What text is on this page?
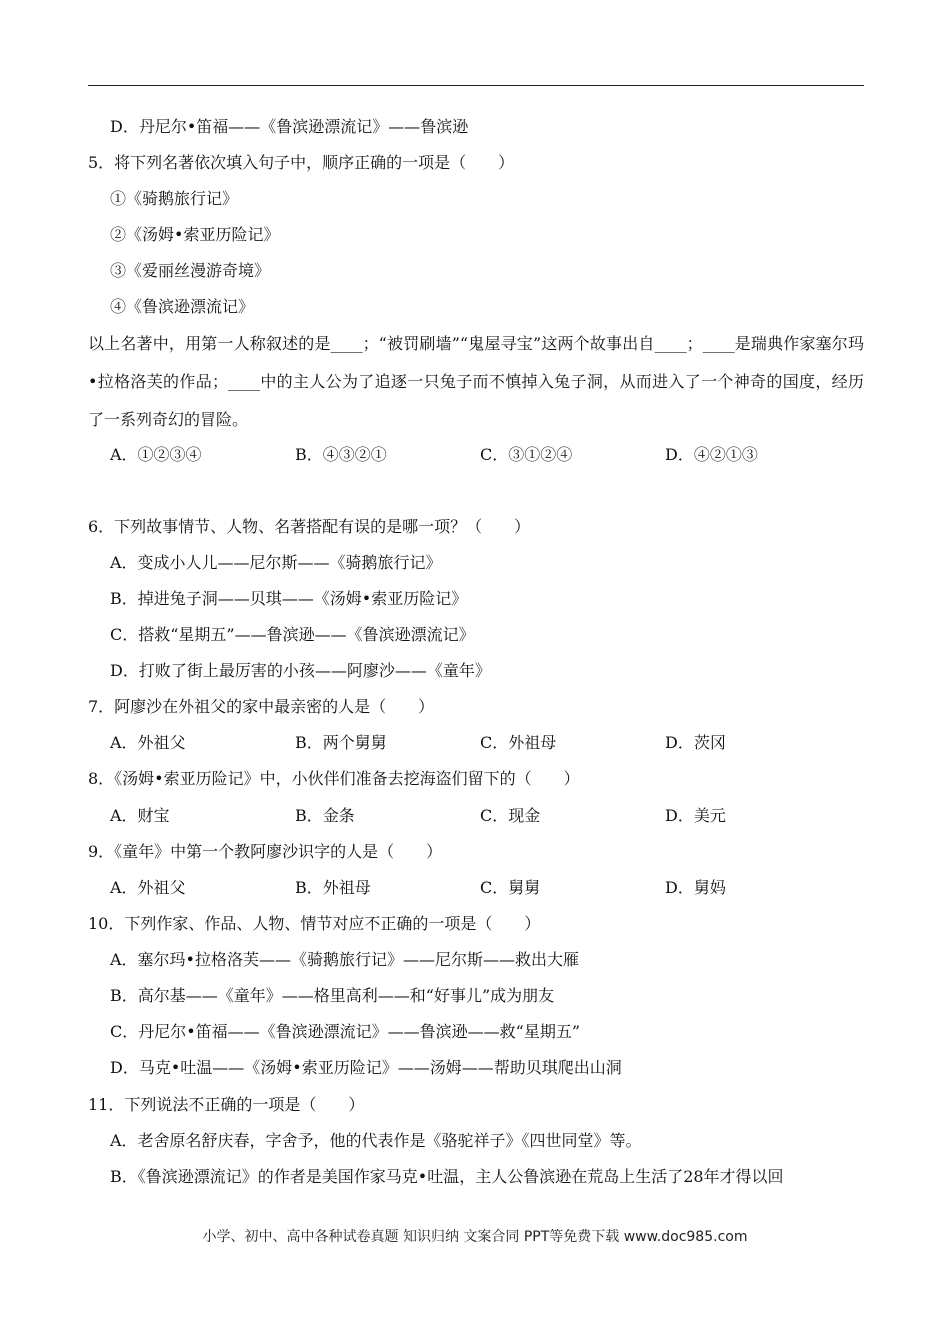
D．丹尼尔•笛福——《鲁滨逊漂流记》——鲁滨逊
5．将下列名著依次填入句子中，顺序正确的一项是（　　）
①《骑鹅旅行记》
②《汤姆•索亚历险记》
③《爱丽丝漫游奇境》
④《鲁滨逊漂流记》

以上名著中，用第一人称叙述的是____；“被罚刷墙”“鬼屋寻宝”这两个故事出自____；____是瑞典作家塞尔玛•拉格洛芙的作品；____中的主人公为了追逐一只兔子而不慎掉入兔子洞，从而进入了一个神奇的国度，经历了一系列奇幻的冒险。

A．①②③④	B．④③②①	C．③①②④	D．④②①③
6．下列故事情节、人物、名著搭配有误的是哪一项？（　　）
A．变成小人儿——尼尔斯——《骑鹅旅行记》
B．掉进兔子洞——贝琪——《汤姆•索亚历险记》
C．搭救“星期五”——鲁滨逊——《鲁滨逊漂流记》
D．打败了街上最厉害的小孩——阿廖沙——《童年》
7．阿廖沙在外祖父的家中最亲密的人是（　　）
A．外祖父	B．两个舅舅	C．外祖母	D．茨冈
8．《汤姆•索亚历险记》中，小伙伴们准备去挖海盗们留下的（　　）
A．财宝	B．金条	C．现金	D．美元
9．《童年》中第一个教阿廖沙识字的人是（　　）
A．外祖父	B．外祖母	C．舅舅	D．舅妈
10．下列作家、作品、人物、情节对应不正确的一项是（　　）
A．塞尔玛•拉格洛芙——《骑鹅旅行记》——尼尔斯——救出大雁
B．高尔基——《童年》——格里高利——和“好事儿”成为朋友
C．丹尼尔•笛福——《鲁滨逊漂流记》——鲁滨逊——救“星期五”
D．马克•吐温——《汤姆•索亚历险记》——汤姆——帮助贝琪爬出山洞
11．下列说法不正确的一项是（　　）
A．老舍原名舒庆春，字舍予，他的代表作是《骆驼祥子》《四世同堂》等。
B．《鲁滨逊漂流记》的作者是美国作家马克•吐温，主人公鲁滨逊在荒岛上生活了28年才得以回
小学、初中、高中各种试卷真题 知识归纳 文案合同 PPT等免费下载 www.doc985.com
